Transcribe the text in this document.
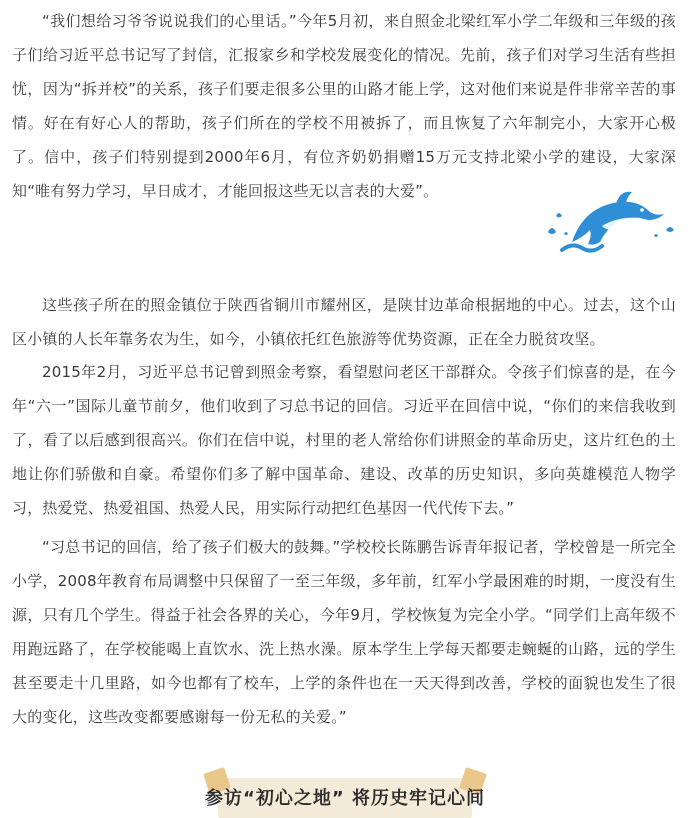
“我们想给习爷爷说说我们的心里话。”今年5月初，来自照金北梁红军小学二年级和三年级的孩子们给习近平总书记写了封信，汇报家乡和学校发展变化的情况。先前，孩子们对学习生活有些担忧，因为“拆并校”的关系，孩子们要走很多公里的山路才能上学，这对他们来说是件非常辛苦的事情。好在有好心人的帮助，孩子们所在的学校不用被拆了，而且恢复了六年制完小，大家开心极了。信中，孩子们特别提到2000年6月，有位齐奶奶捐赠15万元支持北梁小学的建设，大家深知“唯有努力学习，早日成才，才能回报这些无以言表的大爱”。

这些孩子所在的照金镇位于陕西省铜川市耀州区，是陕甘边革命根据地的中心。过去，这个山区小镇的人长年靠务农为生，如今，小镇依托红色旅游等优势资源，正在全力脱贫攻坚。

2015年2月，习近平总书记曾到照金考察，看望慰问老区干部群众。令孩子们惊喜的是，在今年“六一”国际儿童节前夕，他们收到了习总书记的回信。习近平在回信中说，“你们的来信我收到了，看了以后感到很高兴。你们在信中说，村里的老人常给你们讲照金的革命历史，这片红色的土地让你们骄傲和自豪。希望你们多了解中国革命、建设、改革的历史知识，多向英雄模范人物学习，热爱党、热爱祖国、热爱人民，用实际行动把红色基因一代代传下去。”

“习总书记的回信，给了孩子们极大的鼓舞。”学校校长陈鹏告诉青年报记者，学校曾是一所完全小学，2008年教育布局调整中只保留了一至三年级，多年前，红军小学最困难的时期，一度没有生源，只有几个学生。得益于社会各界的关心，今年9月，学校恢复为完全小学。“同学们上高年级不用跑远路了，在学校能喝上直饮水、洗上热水澡。原本学生上学每天都要走蜿蜒的山路，远的学生甚至要走十几里路，如今也都有了校车，上学的条件也在一天天得到改善，学校的面貌也发生了很大的变化，这些改变都要感谢每一份无私的关爱。”

参访“初心之地” 将历史牢记心间
